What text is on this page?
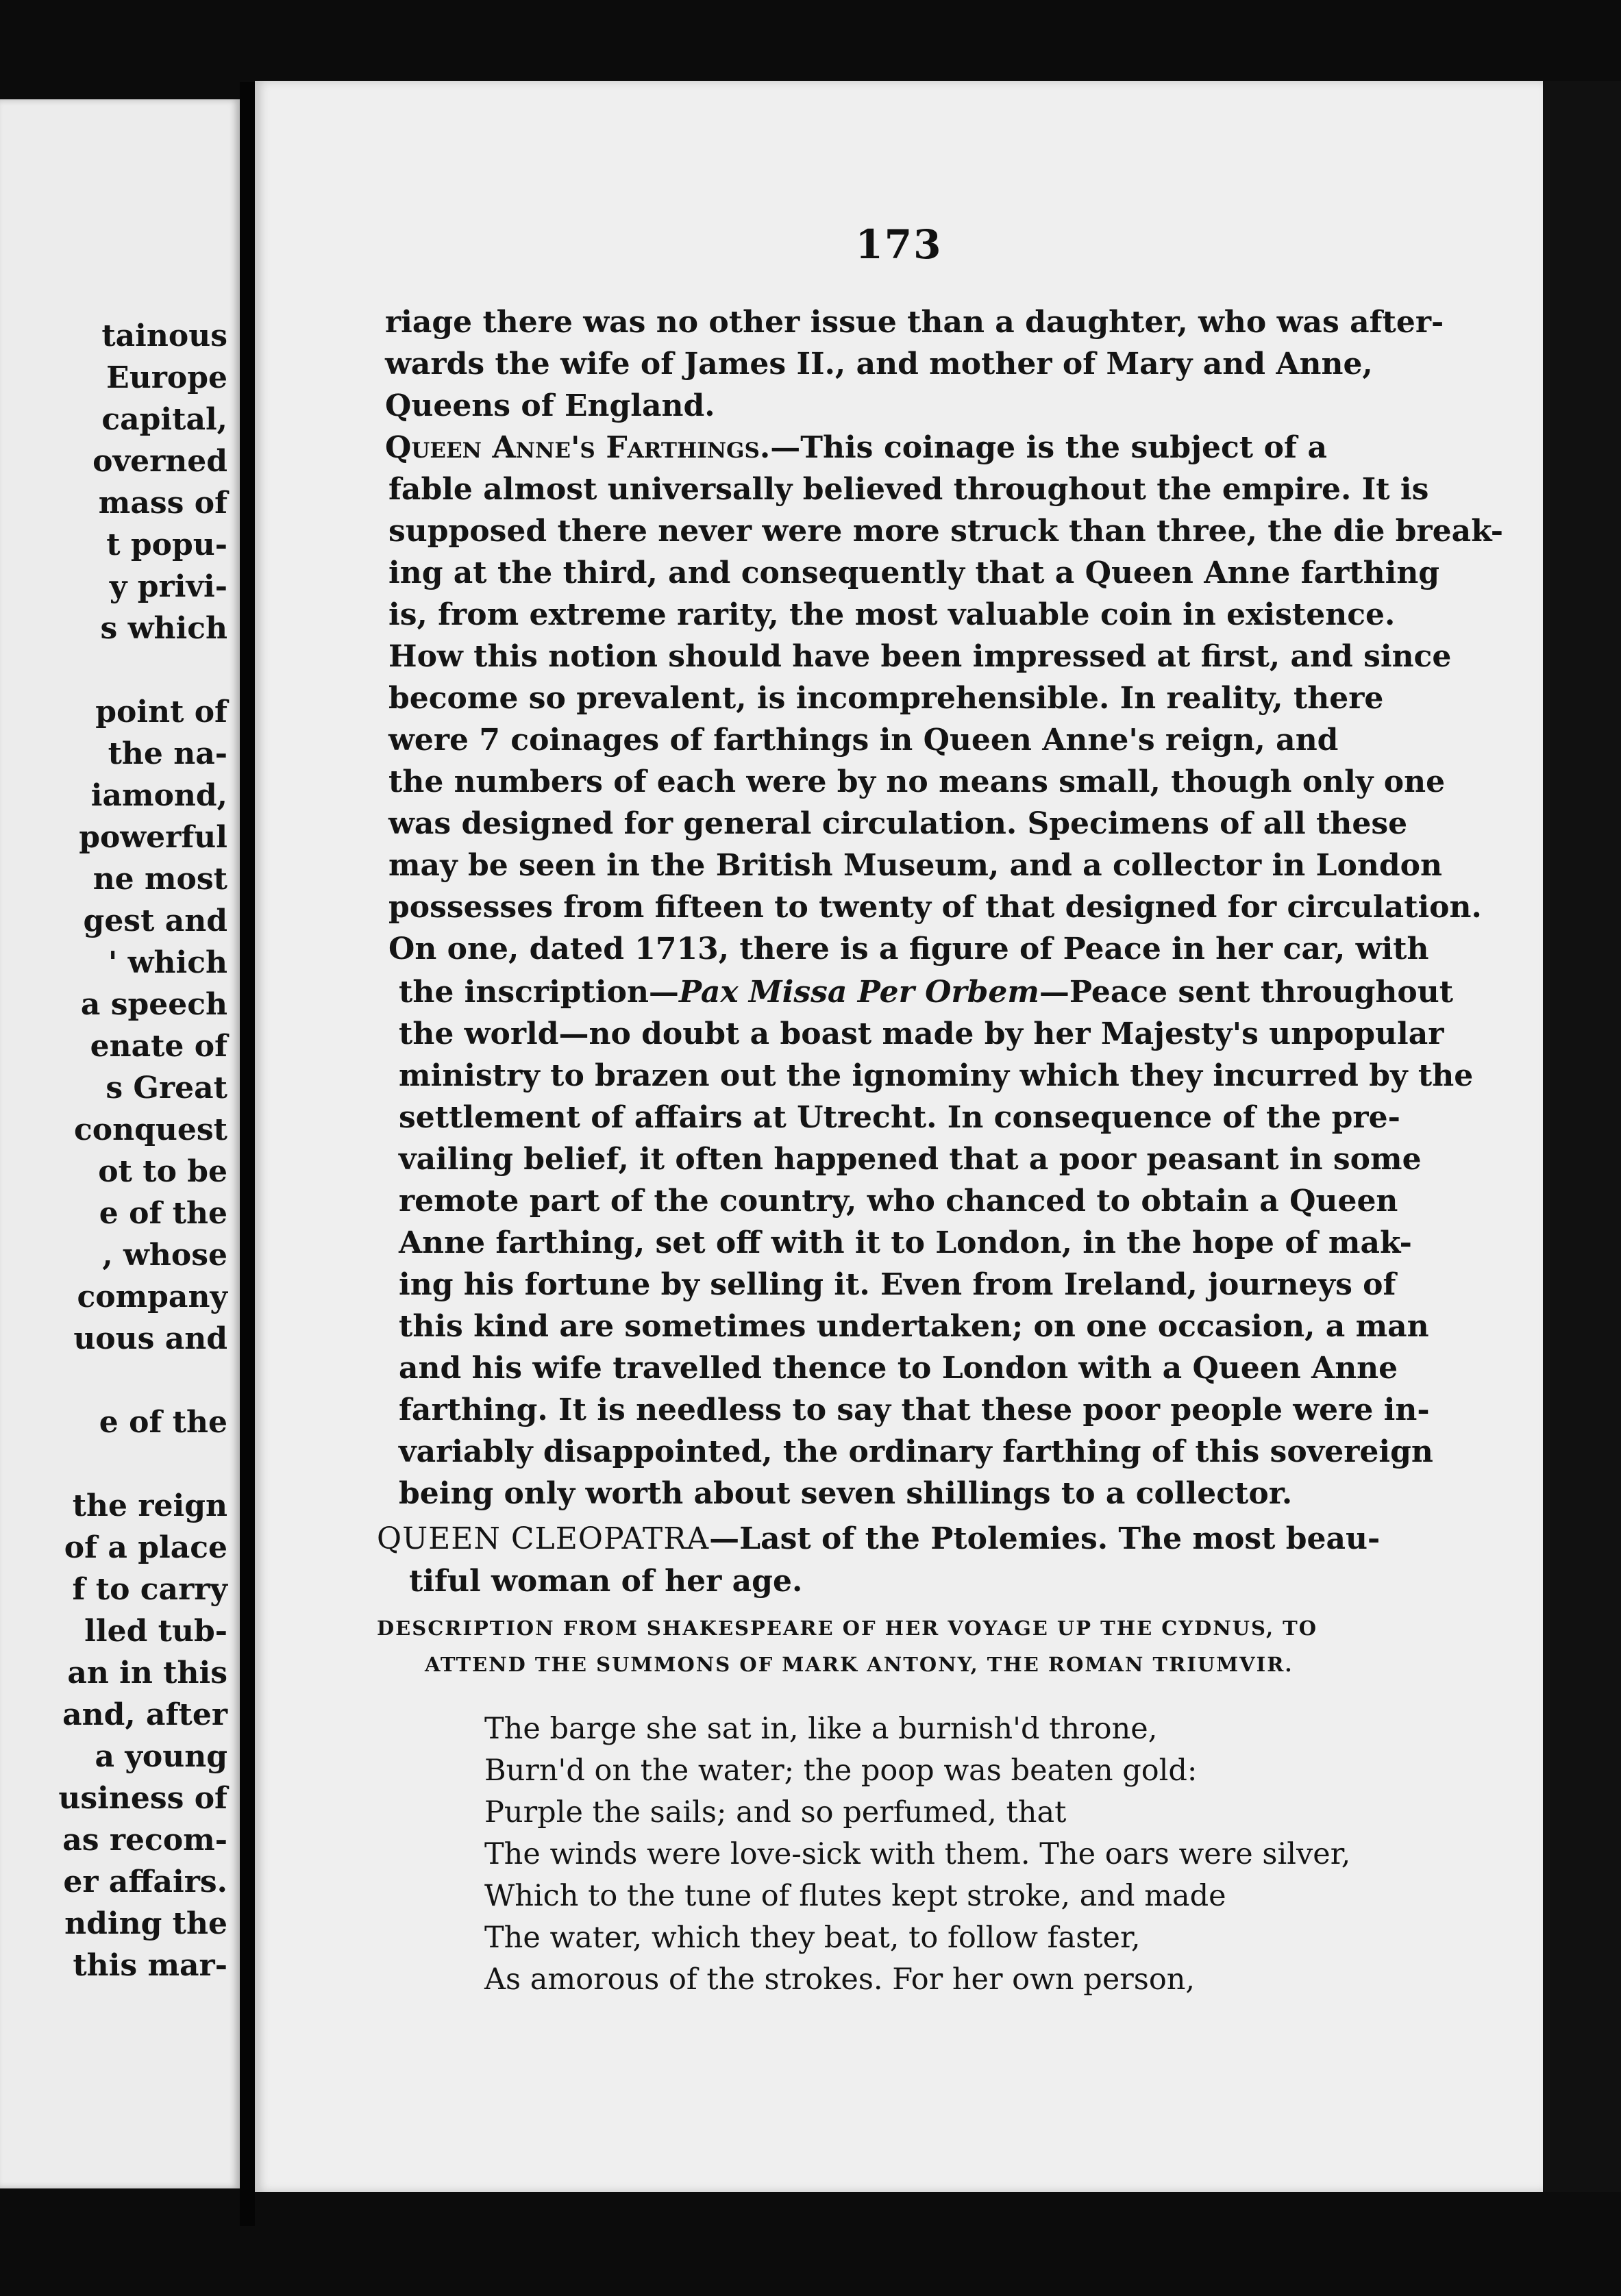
tainous
Europe
capital,
overned
mass of
t popu-
y privi-
s which
point of
the na-
iamond,
powerful
ne most
gest and
' which
a speech
enate of
s Great
conquest
ot to be
e of the
, whose
company
uous and
e of the
the reign
of a place
f to carry
lled tub-
an in this
and, after
a young
usiness of
as recom-
er affairs.
nding the
this mar-
173
riage there was no other issue than a daughter, who was after-
wards the wife of James II., and mother of Mary and Anne,
Queens of England.
Queen Anne's Farthings.—This coinage is the subject of a
fable almost universally believed throughout the empire. It is
supposed there never were more struck than three, the die break-
ing at the third, and consequently that a Queen Anne farthing
is, from extreme rarity, the most valuable coin in existence.
How this notion should have been impressed at first, and since
become so prevalent, is incomprehensible. In reality, there
were 7 coinages of farthings in Queen Anne's reign, and
the numbers of each were by no means small, though only one
was designed for general circulation. Specimens of all these
may be seen in the British Museum, and a collector in London
possesses from fifteen to twenty of that designed for circulation.
On one, dated 1713, there is a figure of Peace in her car, with
the inscription—Pax Missa Per Orbem—Peace sent throughout
the world—no doubt a boast made by her Majesty's unpopular
ministry to brazen out the ignominy which they incurred by the
settlement of affairs at Utrecht. In consequence of the pre-
vailing belief, it often happened that a poor peasant in some
remote part of the country, who chanced to obtain a Queen
Anne farthing, set off with it to London, in the hope of mak-
ing his fortune by selling it. Even from Ireland, journeys of
this kind are sometimes undertaken; on one occasion, a man
and his wife travelled thence to London with a Queen Anne
farthing. It is needless to say that these poor people were in-
variably disappointed, the ordinary farthing of this sovereign
being only worth about seven shillings to a collector.
QUEEN CLEOPATRA—Last of the Ptolemies. The most beau-
tiful woman of her age.
DESCRIPTION FROM SHAKESPEARE OF HER VOYAGE UP THE CYDNUS, TO
ATTEND THE SUMMONS OF MARK ANTONY, THE ROMAN TRIUMVIR.
The barge she sat in, like a burnish'd throne,
Burn'd on the water; the poop was beaten gold:
Purple the sails; and so perfumed, that
The winds were love-sick with them. The oars were silver,
Which to the tune of flutes kept stroke, and made
The water, which they beat, to follow faster,
As amorous of the strokes. For her own person,
